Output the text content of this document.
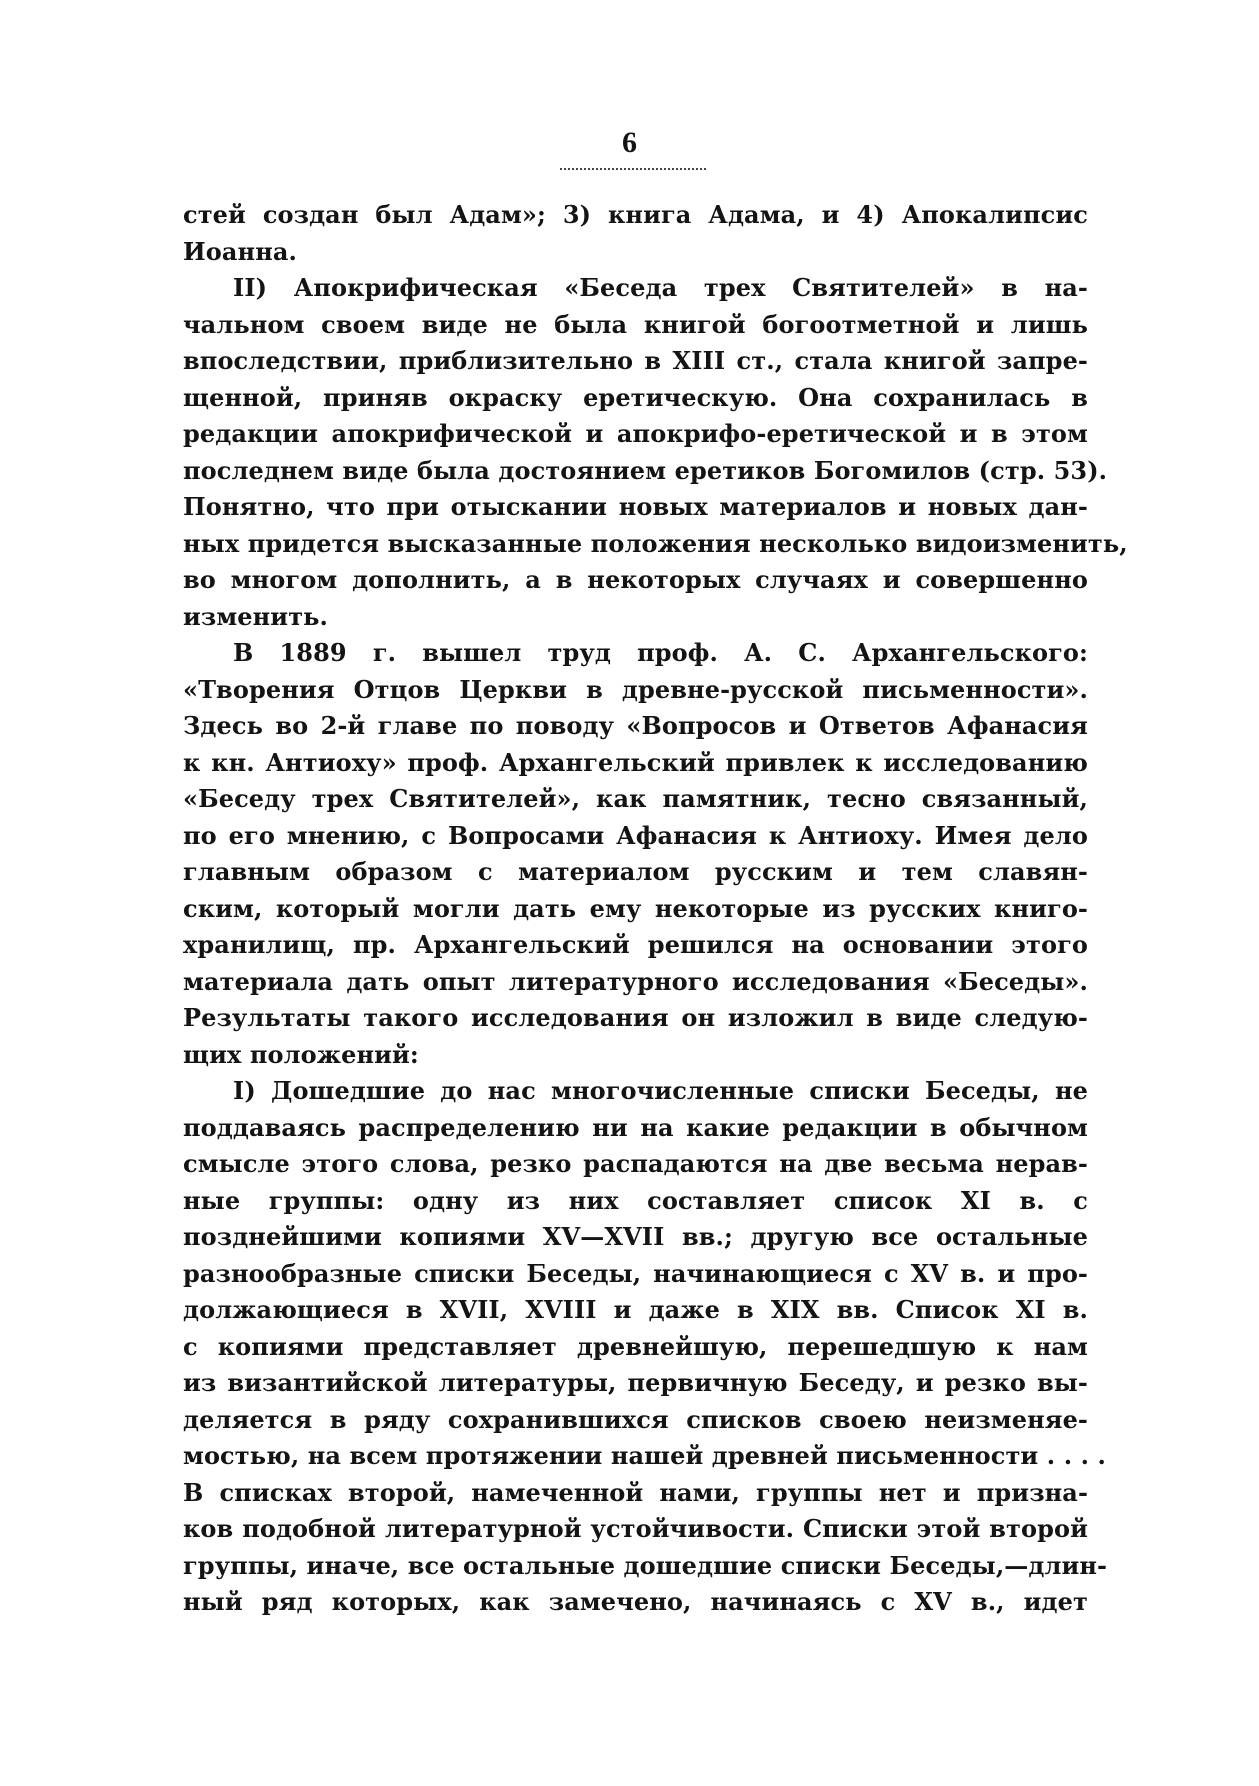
6
стей создан был Адам»; 3) книга Адама, и 4) Апокалипсис
Иоанна.
II) Апокрифическая «Беседа трех Святителей» в на-
чальном своем виде не была книгой богоотметной и лишь
впоследствии, приблизительно в XIII ст., стала книгой запре-
щенной, приняв окраску еретическую. Она сохранилась в
редакции апокрифической и апокрифо-еретической и в этом
последнем виде была достоянием еретиков Богомилов (стр. 53).
Понятно, что при отыскании новых материалов и новых дан-
ных придется высказанные положения несколько видоизменить,
во многом дополнить, а в некоторых случаях и совершенно
изменить.
В 1889 г. вышел труд проф. А. С. Архангельского:
«Творения Отцов Церкви в древне-русской письменности».
Здесь во 2-й главе по поводу «Вопросов и Ответов Афанасия
к кн. Антиоху» проф. Архангельский привлек к исследованию
«Беседу трех Святителей», как памятник, тесно связанный,
по его мнению, с Вопросами Афанасия к Антиоху. Имея дело
главным образом с материалом русским и тем славян-
ским, который могли дать ему некоторые из русских книго-
хранилищ, пр. Архангельский решился на основании этого
материала дать опыт литературного исследования «Беседы».
Результаты такого исследования он изложил в виде следую-
щих положений:
I) Дошедшие до нас многочисленные списки Беседы, не
поддаваясь распределению ни на какие редакции в обычном
смысле этого слова, резко распадаются на две весьма нерав-
ные группы: одну из них составляет список XI в. с
позднейшими копиями XV—XVII вв.; другую все остальные
разнообразные списки Беседы, начинающиеся с XV в. и про-
должающиеся в XVII, XVIII и даже в XIX вв. Список XI в.
с копиями представляет древнейшую, перешедшую к нам
из византийской литературы, первичную Беседу, и резко вы-
деляется в ряду сохранившихся списков своею неизменяе-
мостью, на всем протяжении нашей древней письменности . . . .
В списках второй, намеченной нами, группы нет и призна-
ков подобной литературной устойчивости. Списки этой второй
группы, иначе, все остальные дошедшие списки Беседы,—длин-
ный ряд которых, как замечено, начинаясь с XV в., идет
